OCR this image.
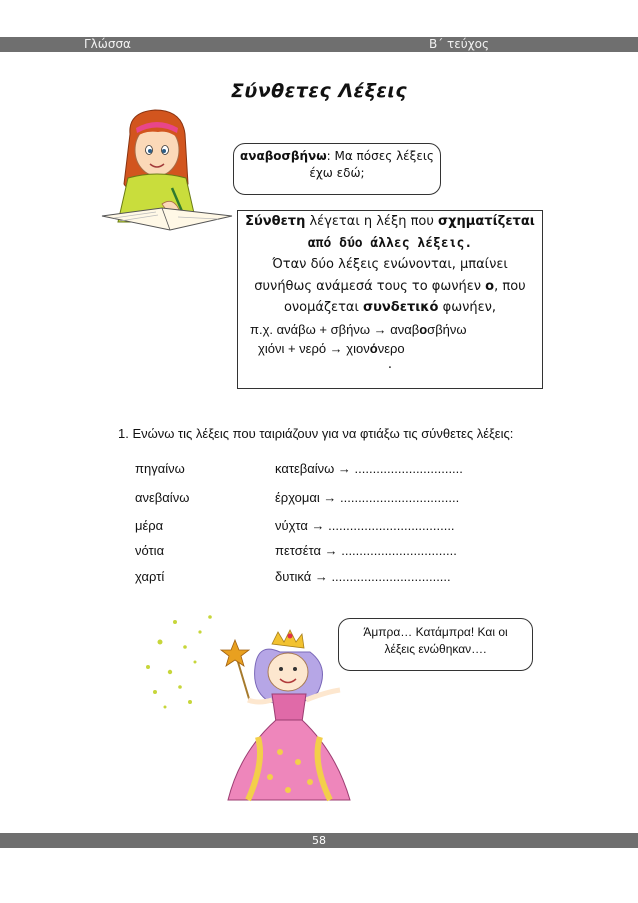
Γλώσσα	Β΄ τεύχος
Σύνθετες Λέξεις
αναβοσβήνω: Μα πόσες λέξεις
έχω εδώ;
Σύνθετη λέγεται η λέξη που σχηματίζεται
από δύο άλλες λέξεις.
Όταν δύο λέξεις ενώνονται, μπαίνει
συνήθως ανάμεσά τους το φωνήεν ο, που
ονομάζεται συνδετικό φωνήεν,
π.χ. ανάβω + σβήνω → αναβοσβήνω
χιόνι + νερό → χιονόνερο
.
1. Ενώνω τις λέξεις που ταιριάζουν για να φτιάξω τις σύνθετες λέξεις:
πηγαίνω
ανεβαίνω
μέρα
νότια
χαρτί
κατεβαίνω → ..............................
έρχομαι → .................................
νύχτα → ...................................
πετσέτα → ................................
δυτικά → .................................
Άμπρα… Κατάμπρα! Και οι
λέξεις ενώθηκαν….
58
